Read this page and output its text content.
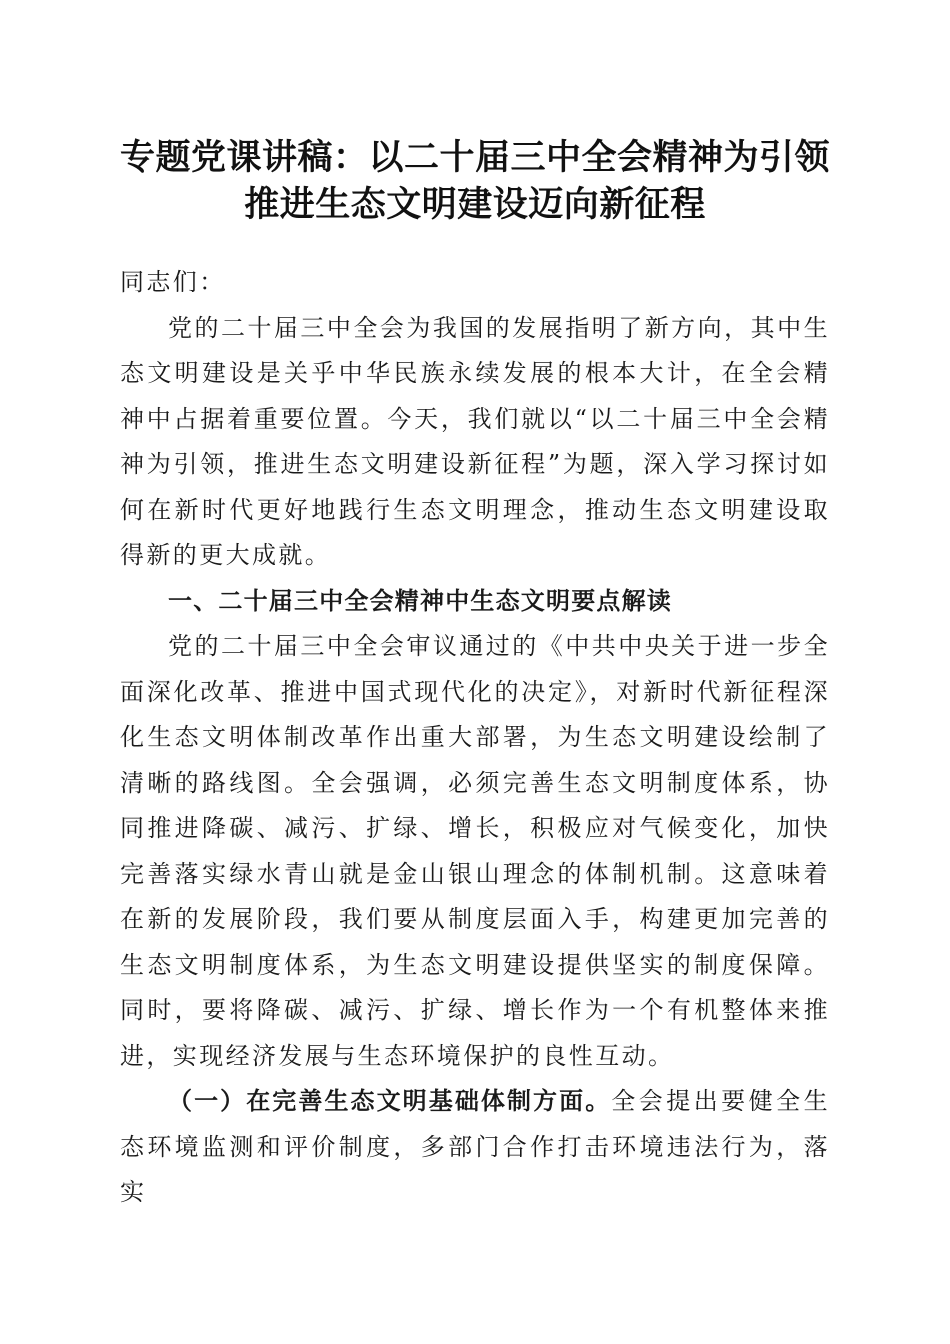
专题党课讲稿：以二十届三中全会精神为引领
推进生态文明建设迈向新征程

同志们：

党的二十届三中全会为我国的发展指明了新方向，其中生态文明建设是关乎中华民族永续发展的根本大计，在全会精神中占据着重要位置。今天，我们就以“以二十届三中全会精神为引领，推进生态文明建设新征程”为题，深入学习探讨如何在新时代更好地践行生态文明理念，推动生态文明建设取得新的更大成就。

一、二十届三中全会精神中生态文明要点解读

党的二十届三中全会审议通过的《中共中央关于进一步全面深化改革、推进中国式现代化的决定》，对新时代新征程深化生态文明体制改革作出重大部署，为生态文明建设绘制了清晰的路线图。全会强调，必须完善生态文明制度体系，协同推进降碳、减污、扩绿、增长，积极应对气候变化，加快完善落实绿水青山就是金山银山理念的体制机制。这意味着在新的发展阶段，我们要从制度层面入手，构建更加完善的生态文明制度体系，为生态文明建设提供坚实的制度保障。同时，要将降碳、减污、扩绿、增长作为一个有机整体来推进，实现经济发展与生态环境保护的良性互动。

（一）在完善生态文明基础体制方面。全会提出要健全生态环境监测和评价制度，多部门合作打击环境违法行为，落实
